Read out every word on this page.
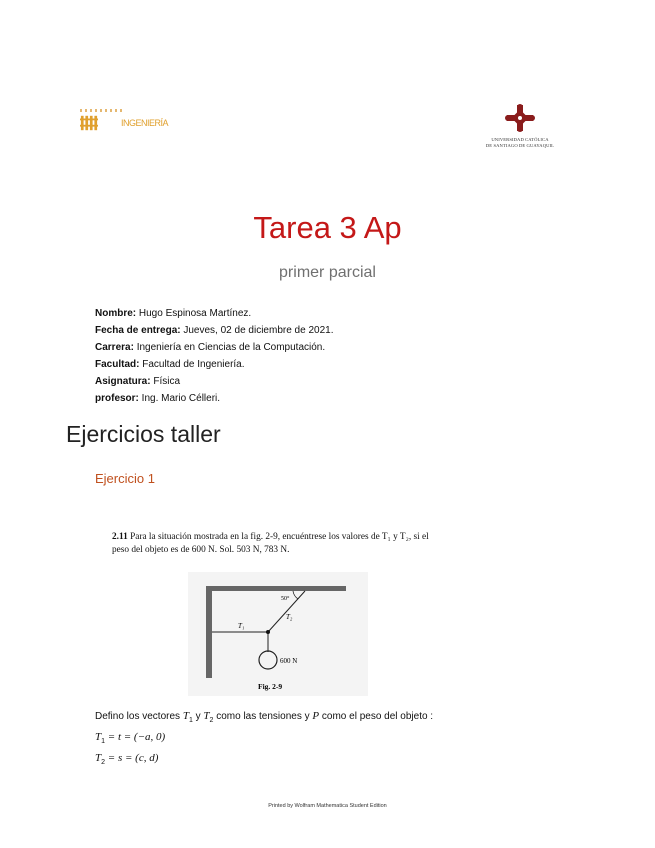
INGENIERÍA
UNIVERSIDAD CATÓLICA
DE SANTIAGO DE GUAYAQUIL
Tarea 3 Ap
primer parcial
Nombre: Hugo Espinosa Martínez.
Fecha de entrega: Jueves, 02 de diciembre de 2021.
Carrera: Ingeniería en Ciencias de la Computación.
Facultad: Facultad de Ingeniería.
Asignatura: Física
profesor: Ing. Mario Célleri.
Ejercicios taller
Ejercicio 1
2.11 Para la situación mostrada en la fig. 2-9, encuéntrese los valores de T₁ y T₂, si el
peso del objeto es de 600 N. Sol. 503 N, 783 N.
50°
T₁
T₂
600 N
Fig. 2-9
Defino los vectores $T_1$ y $T_2$ como las tensiones y P como el peso del objeto :
$T_1 = t = (-a$, 0)
$T_2 = s = (c$, d)
Printed by Wolfram Mathematica Student Edition
